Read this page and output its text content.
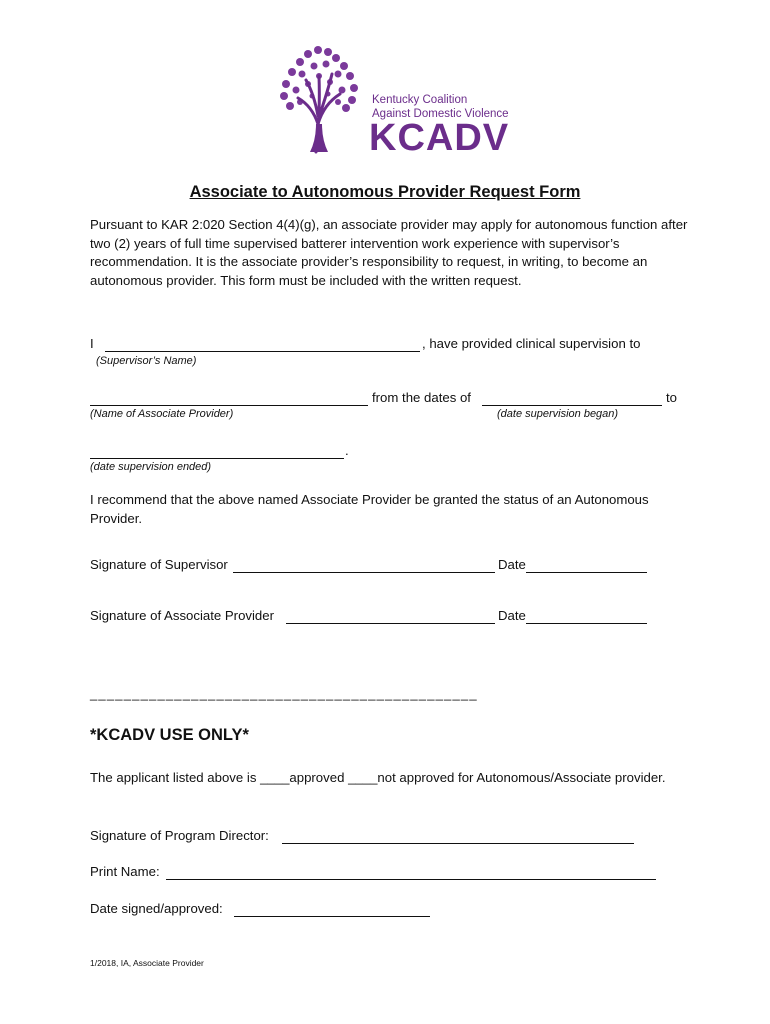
Kentucky Coalition
Against Domestic Violence
KCADV
Associate to Autonomous Provider Request Form
Pursuant to KAR 2:020 Section 4(4)(g), an associate provider may apply for autonomous function after two (2) years of full time supervised batterer intervention work experience with supervisor’s recommendation. It is the associate provider’s responsibility to request, in writing, to become an autonomous provider. This form must be included with the written request.
I	, have provided clinical supervision to
(Supervisor’s Name)
from the dates of	to
(Name of Associate Provider)	(date supervision began)
.
(date supervision ended)
I recommend that the above named Associate Provider be granted the status of an Autonomous Provider.
Signature of Supervisor	Date
Signature of Associate Provider	Date
______________________________________________
*KCADV USE ONLY*
The applicant listed above is ____approved ____not approved for Autonomous/Associate provider.
Signature of Program Director:
Print Name:
Date signed/approved:
1/2018, IA, Associate Provider
